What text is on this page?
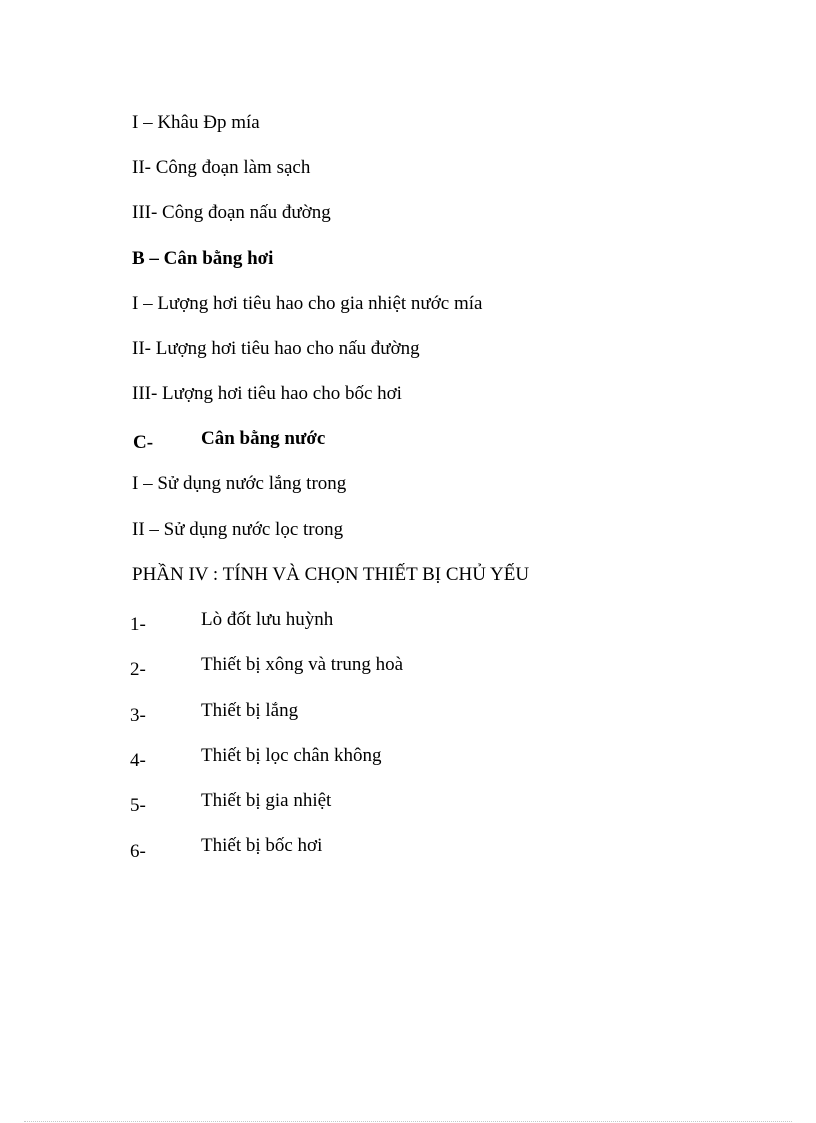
I – Khâu Đp mía
II- Công đoạn làm sạch
III- Công đoạn nấu đường
B – Cân bằng hơi
I – Lượng hơi tiêu hao cho gia nhiệt nước mía
II- Lượng hơi tiêu hao cho nấu đường
III- Lượng hơi tiêu hao cho bốc hơi
C-	Cân bằng nước
I – Sử dụng nước lắng trong
II – Sử dụng nước lọc trong
PHẦN IV : TÍNH VÀ CHỌN THIẾT BỊ CHỦ YẾU
1-	Lò đốt lưu huỳnh
2-	Thiết bị xông và trung hoà
3-	Thiết bị lắng
4-	Thiết bị lọc chân không
5-	Thiết bị gia nhiệt
6-	Thiết bị bốc hơi
